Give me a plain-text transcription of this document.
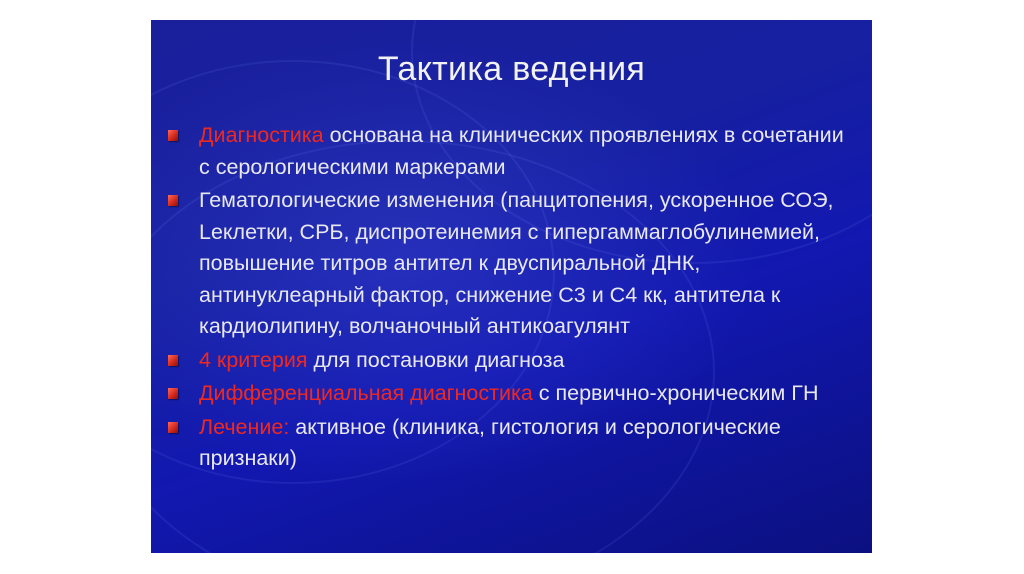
Тактика ведения
Диагностика основана на клинических проявлениях в сочетании с серологическими маркерами
Гематологические изменения (панцитопения, ускоренное СОЭ, Leклетки, СРБ, диспротеинемия с гипергаммаглобулинемией, повышение титров антител к двуспиральной ДНК, антинуклеарный фактор, снижение С3 и С4 кк, антитела к кардиолипину, волчаночный антикоагулянт
4 критерия для постановки диагноза
Дифференциальная диагностика с первично-хроническим ГН
Лечение: активное (клиника, гистология и серологические признаки)
